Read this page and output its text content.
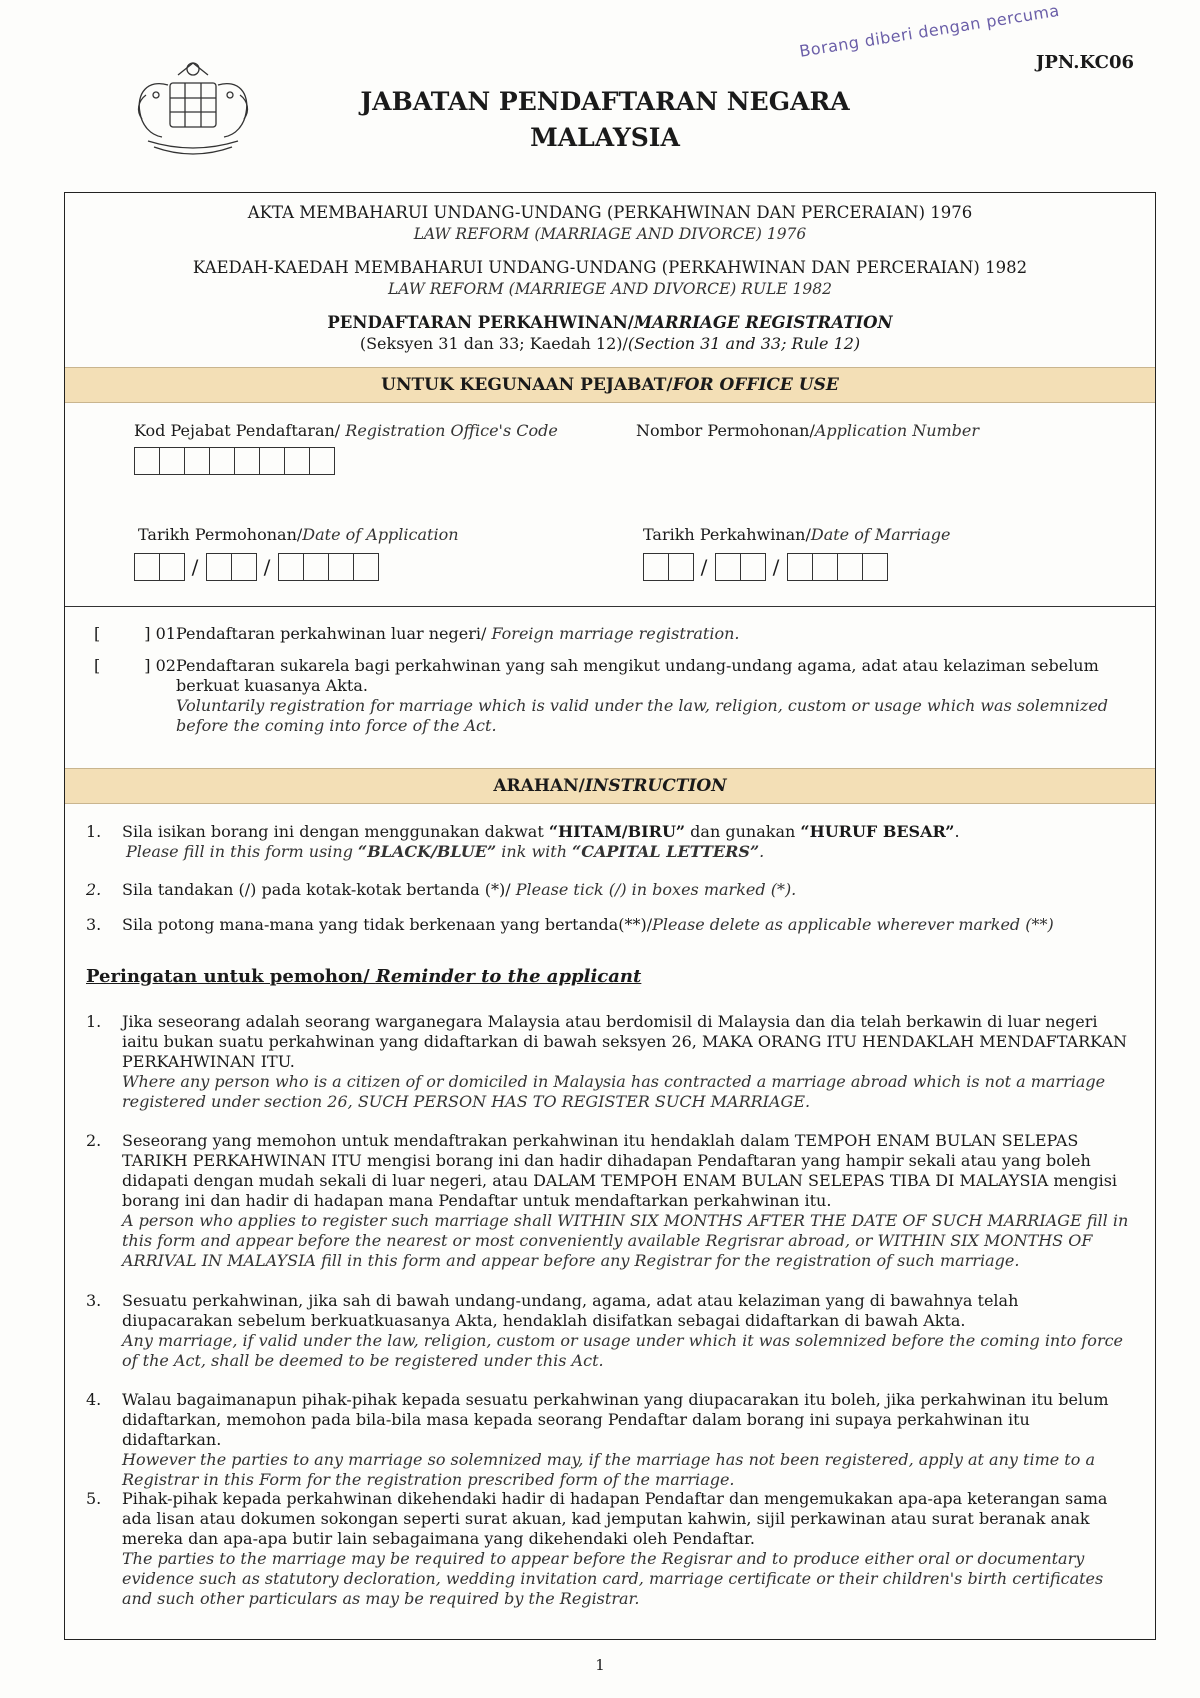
Borang diberi dengan percuma
JPN.KC06
JABATAN PENDAFTARAN NEGARA
MALAYSIA
AKTA MEMBAHARUI UNDANG-UNDANG (PERKAHWINAN DAN PERCERAIAN) 1976
LAW REFORM (MARRIAGE AND DIVORCE) 1976
KAEDAH-KAEDAH MEMBAHARUI UNDANG-UNDANG (PERKAHWINAN DAN PERCERAIAN) 1982
LAW REFORM (MARRIEGE AND DIVORCE) RULE 1982
PENDAFTARAN PERKAHWINAN/MARRIAGE REGISTRATION
(Seksyen 31 dan 33; Kaedah 12)/(Section 31 and 33; Rule 12)
UNTUK KEGUNAAN PEJABAT/FOR OFFICE USE
Kod Pejabat Pendaftaran/ Registration Office's Code	Nombor Permohonan/Application Number
Tarikh Permohonan/Date of Application
/	/
Tarikh Perkahwinan/Date of Marriage
/	/
[	] 01 Pendaftaran perkahwinan luar negeri/ Foreign marriage registration.
[	] 02 Pendaftaran sukarela bagi perkahwinan yang sah mengikut undang-undang agama, adat atau kelaziman sebelum berkuat kuasanya Akta.
Voluntarily registration for marriage which is valid under the law, religion, custom or usage which was solemnized before the coming into force of the Act.
ARAHAN/INSTRUCTION
1. Sila isikan borang ini dengan menggunakan dakwat “HITAM/BIRU” dan gunakan “HURUF BESAR”.
Please fill in this form using “BLACK/BLUE” ink with “CAPITAL LETTERS”.
2. Sila tandakan (/) pada kotak-kotak bertanda (*)/ Please tick (/) in boxes marked (*).
3. Sila potong mana-mana yang tidak berkenaan yang bertanda(**)/Please delete as applicable wherever marked (**)
Peringatan untuk pemohon/ Reminder to the applicant
1. Jika seseorang adalah seorang warganegara Malaysia atau berdomisil di Malaysia dan dia telah berkawin di luar negeri iaitu bukan suatu perkahwinan yang didaftarkan di bawah seksyen 26, MAKA ORANG ITU HENDAKLAH MENDAFTARKAN PERKAHWINAN ITU.
Where any person who is a citizen of or domiciled in Malaysia has contracted a marriage abroad which is not a marriage registered under section 26, SUCH PERSON HAS TO REGISTER SUCH MARRIAGE.
2. Seseorang yang memohon untuk mendaftrakan perkahwinan itu hendaklah dalam TEMPOH ENAM BULAN SELEPAS TARIKH PERKAHWINAN ITU mengisi borang ini dan hadir dihadapan Pendaftaran yang hampir sekali atau yang boleh didapati dengan mudah sekali di luar negeri, atau DALAM TEMPOH ENAM BULAN SELEPAS TIBA DI MALAYSIA mengisi borang ini dan hadir di hadapan mana Pendaftar untuk mendaftarkan perkahwinan itu.
A person who applies to register such marriage shall WITHIN SIX MONTHS AFTER THE DATE OF SUCH MARRIAGE fill in this form and appear before the nearest or most conveniently available Regrisrar abroad, or WITHIN SIX MONTHS OF ARRIVAL IN MALAYSIA fill in this form and appear before any Registrar for the registration of such marriage.
3. Sesuatu perkahwinan, jika sah di bawah undang-undang, agama, adat atau kelaziman yang di bawahnya telah diupacarakan sebelum berkuatkuasanya Akta, hendaklah disifatkan sebagai didaftarkan di bawah Akta.
Any marriage, if valid under the law, religion, custom or usage under which it was solemnized before the coming into force of the Act, shall be deemed to be registered under this Act.
4. Walau bagaimanapun pihak-pihak kepada sesuatu perkahwinan yang diupacarakan itu boleh, jika perkahwinan itu belum didaftarkan, memohon pada bila-bila masa kepada seorang Pendaftar dalam borang ini supaya perkahwinan itu didaftarkan.
However the parties to any marriage so solemnized may, if the marriage has not been registered, apply at any time to a Registrar in this Form for the registration prescribed form of the marriage.
5. Pihak-pihak kepada perkahwinan dikehendaki hadir di hadapan Pendaftar dan mengemukakan apa-apa keterangan sama ada lisan atau dokumen sokongan seperti surat akuan, kad jemputan kahwin, sijil perkawinan atau surat beranak anak mereka dan apa-apa butir lain sebagaimana yang dikehendaki oleh Pendaftar.
The parties to the marriage may be required to appear before the Regisrar and to produce either oral or documentary evidence such as statutory decloration, wedding invitation card, marriage certificate or their children's birth certificates and such other particulars as may be required by the Registrar.
1
